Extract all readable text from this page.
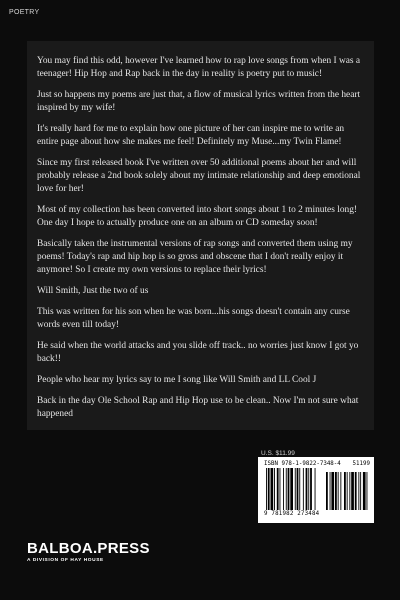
POETRY

You may find this odd, however I've learned how to rap love songs from when I was a teenager! Hip Hop and Rap back in the day in reality is poetry put to music!

Just so happens my poems are just that, a flow of musical lyrics written from the heart inspired by my wife!

It's really hard for me to explain how one picture of her can inspire me to write an entire page about how she makes me feel! Definitely my Muse...my Twin Flame!

Since my first released book I've written over 50 additional poems about her and will probably release a 2nd book solely about my intimate relationship and deep emotional love for her!

Most of my collection has been converted into short songs about 1 to 2 minutes long! One day I hope to actually produce one on an album or CD someday soon!

Basically taken the instrumental versions of rap songs and converted them using my poems! Today's rap and hip hop is so gross and obscene that I don't really enjoy it anymore! So I create my own versions to replace their lyrics!

Will Smith, Just the two of us

This was written for his son when he was born...his songs doesn't contain any curse words even till today!

He said when the world attacks and you slide off track.. no worries just know I got yo back!!

People who hear my lyrics say to me I song like Will Smith and LL Cool J

Back in the day Ole School Rap and Hip Hop use to be clean.. Now I'm not sure what happened

U.S. $11.99
ISBN 978-1-9822-7348-4 51199
9 781982 273484
BALBOA.PRESS
A DIVISION OF HAY HOUSE
